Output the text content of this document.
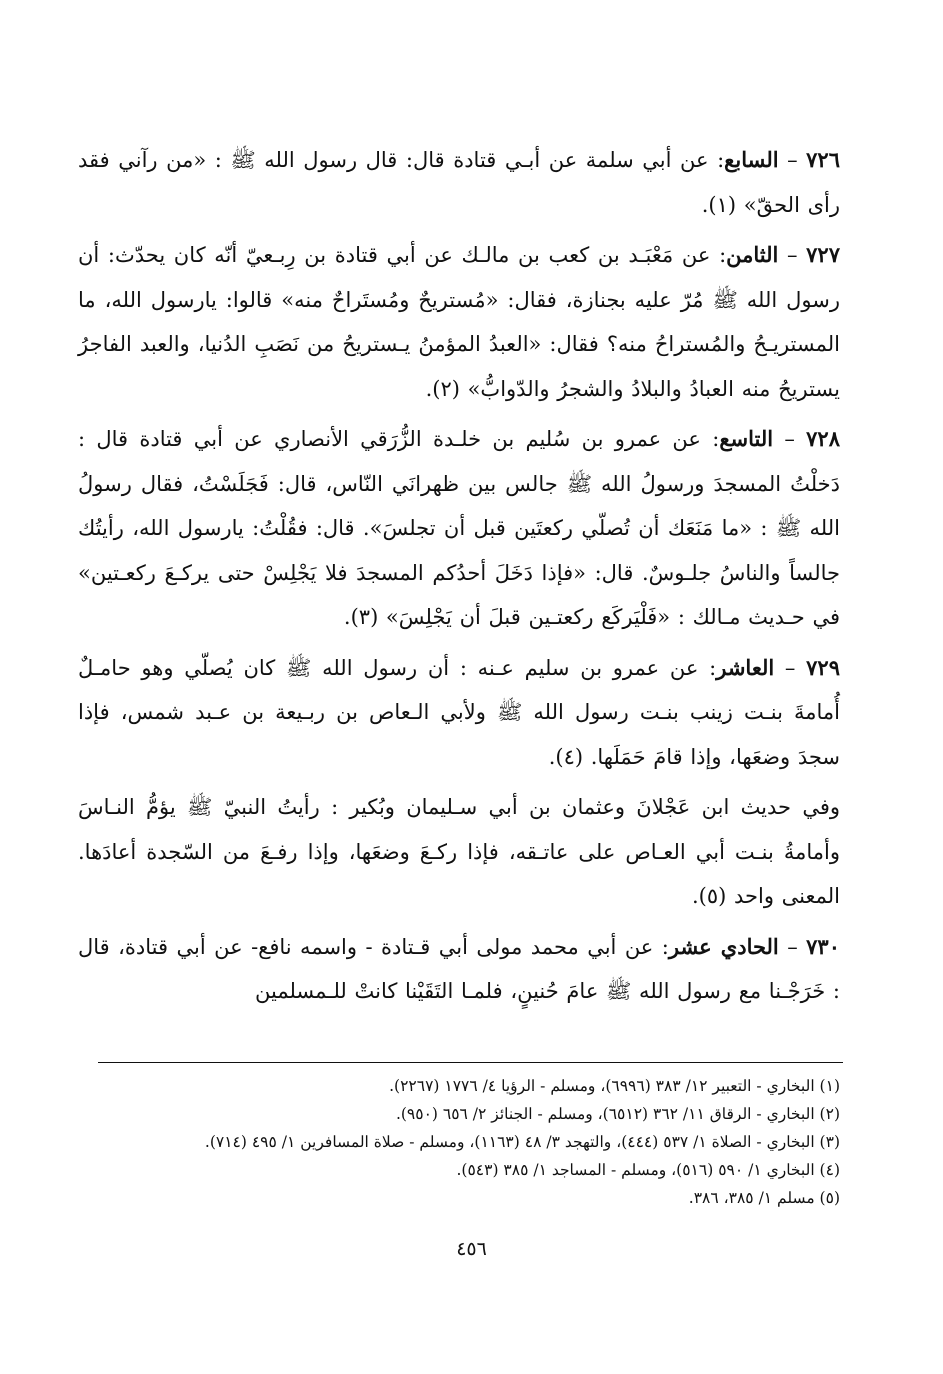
٧٢٦ – السابع: عن أبي سلمة عن أبـي قتادة قال: قال رسول الله ﷺ : «من رآني فقد رأى الحقّ» (١).

٧٢٧ – الثامن: عن مَعْبَـد بن كعب بن مالـك عن أبي قتادة بن رِبـعيّ أنّه كان يحدّث: أن رسول الله ﷺ مُرّ عليه بجنازة، فقال: «مُستريحٌ ومُستَراحٌ منه» قالوا: يارسول الله، ما المستريـحُ والمُستراحُ منه؟ فقال: «العبدُ المؤمنُ يـستريحُ من نَصَبِ الدُنيا، والعبد الفاجرُ يستريحُ منه العبادُ والبلادُ والشجرُ والدّوابُّ» (٢).

٧٢٨ – التاسع: عن عمرو بن سُليم بن خلـدة الزُّرَقي الأنصاري عن أبي قتادة قال : دَخلْتُ المسجدَ ورسولُ الله ﷺ جالس بين ظهرانَي النّاس، قال: فَجَلَسْتُ، فقال رسولُ الله ﷺ : «ما مَنَعَك أن تُصلّي ركعتَين قبل أن تجلسَ». قال: فقُلْتُ: يارسول الله، رأيتُك جالساً والناسُ جلـوسٌ. قال: «فإذا دَخَلَ أحدُكم المسجدَ فلا يَجْلِسْ حتى يركـعَ ركعـتين» في حـديث مـالك : «فَلْيَركَع ركعتـين قبلَ أن يَجْلِسَ» (٣).

٧٢٩ – العاشر: عن عمرو بن سليم عـنه : أن رسول الله ﷺ كان يُصلّي وهو حامـلٌ أُمامةَ بنـت زينب بنـت رسول الله ﷺ ولأبي الـعاص بن ربـيعة بن عـبد شمس، فإذا سجدَ وضعَها، وإذا قامَ حَمَلَها. (٤).

وفي حديث ابن عَجْلانَ وعثمان بن أبي سـليمان وبُكير : رأيتُ النبيّ ﷺ يؤمُّ النـاسَ وأمامةُ بنـت أبي العـاص على عاتـقه، فإذا ركـعَ وضعَها، وإذا رفـعَ من السّجدة أعادَها. المعنى واحد (٥).

٧٣٠ – الحادي عشر: عن أبي محمد مولى أبي قـتادة - واسمه نافع- عن أبي قتادة، قال : خَرَجْـنا مع رسول الله ﷺ عامَ حُنينٍ، فلمـا التَقَيْنا كانتْ للـمسلمين

(١) البخاري - التعبير ١٢/ ٣٨٣ (٦٩٩٦)، ومسلم - الرؤيا ٤/ ١٧٧٦ (٢٢٦٧).

(٢) البخاري - الرقاق ١١/ ٣٦٢ (٦٥١٢)، ومسلم - الجنائز ٢/ ٦٥٦ (٩٥٠).

(٣) البخاري - الصلاة ١/ ٥٣٧ (٤٤٤)، والتهجد ٣/ ٤٨ (١١٦٣)، ومسلم - صلاة المسافرين ١/ ٤٩٥ (٧١٤).

(٤) البخاري ١/ ٥٩٠ (٥١٦)، ومسلم - المساجد ١/ ٣٨٥ (٥٤٣).

(٥) مسلم ١/ ٣٨٥، ٣٨٦.

٤٥٦
